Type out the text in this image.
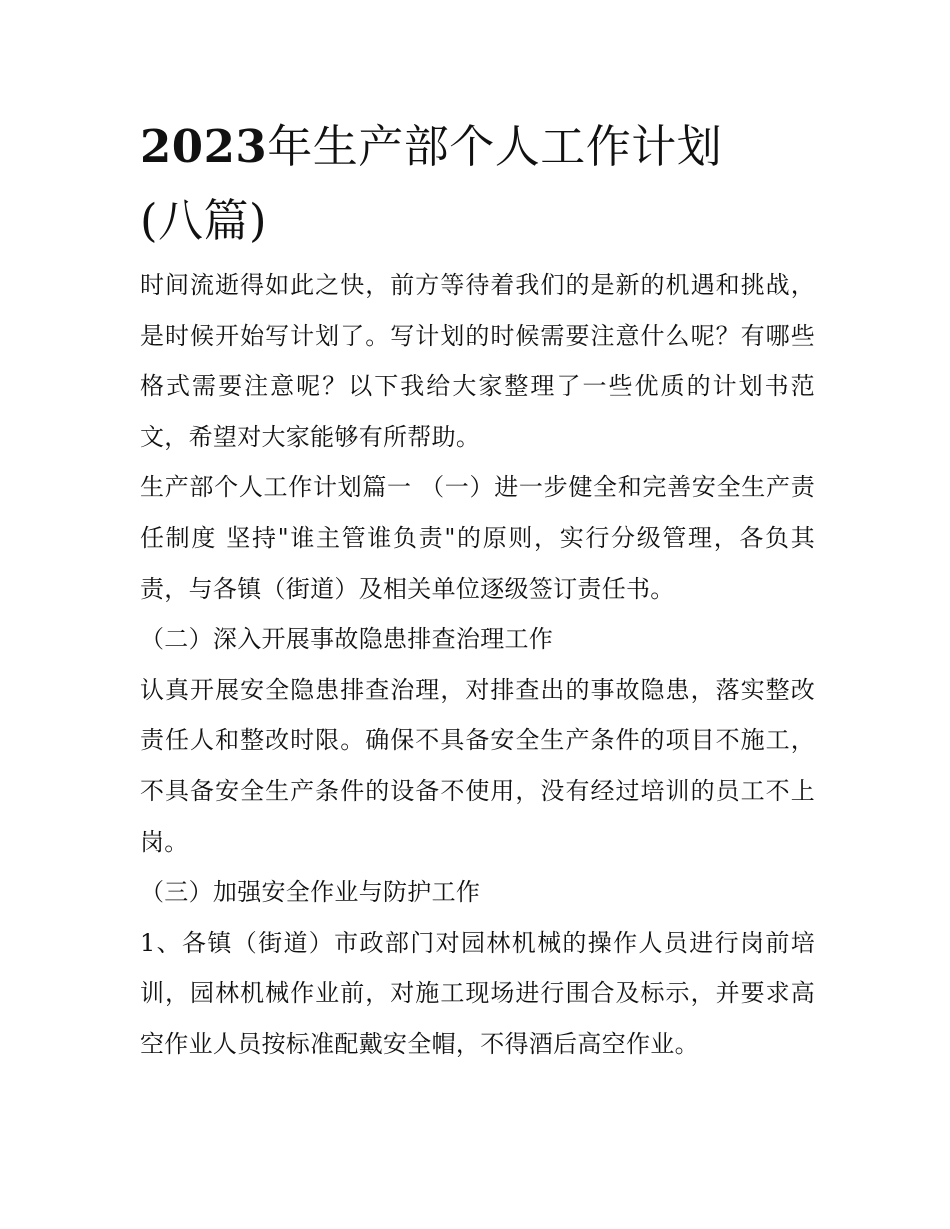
2023年生产部个人工作计划
(八篇)

时间流逝得如此之快，前方等待着我们的是新的机遇和挑战，是时候开始写计划了。写计划的时候需要注意什么呢？有哪些格式需要注意呢？以下我给大家整理了一些优质的计划书范文，希望对大家能够有所帮助。

生产部个人工作计划篇一 （一）进一步健全和完善安全生产责任制度 坚持"谁主管谁负责"的原则，实行分级管理，各负其责，与各镇（街道）及相关单位逐级签订责任书。

（二）深入开展事故隐患排查治理工作

认真开展安全隐患排查治理，对排查出的事故隐患，落实整改责任人和整改时限。确保不具备安全生产条件的项目不施工，不具备安全生产条件的设备不使用，没有经过培训的员工不上岗。

（三）加强安全作业与防护工作

1、各镇（街道）市政部门对园林机械的操作人员进行岗前培训，园林机械作业前，对施工现场进行围合及标示，并要求高空作业人员按标准配戴安全帽，不得酒后高空作业。
